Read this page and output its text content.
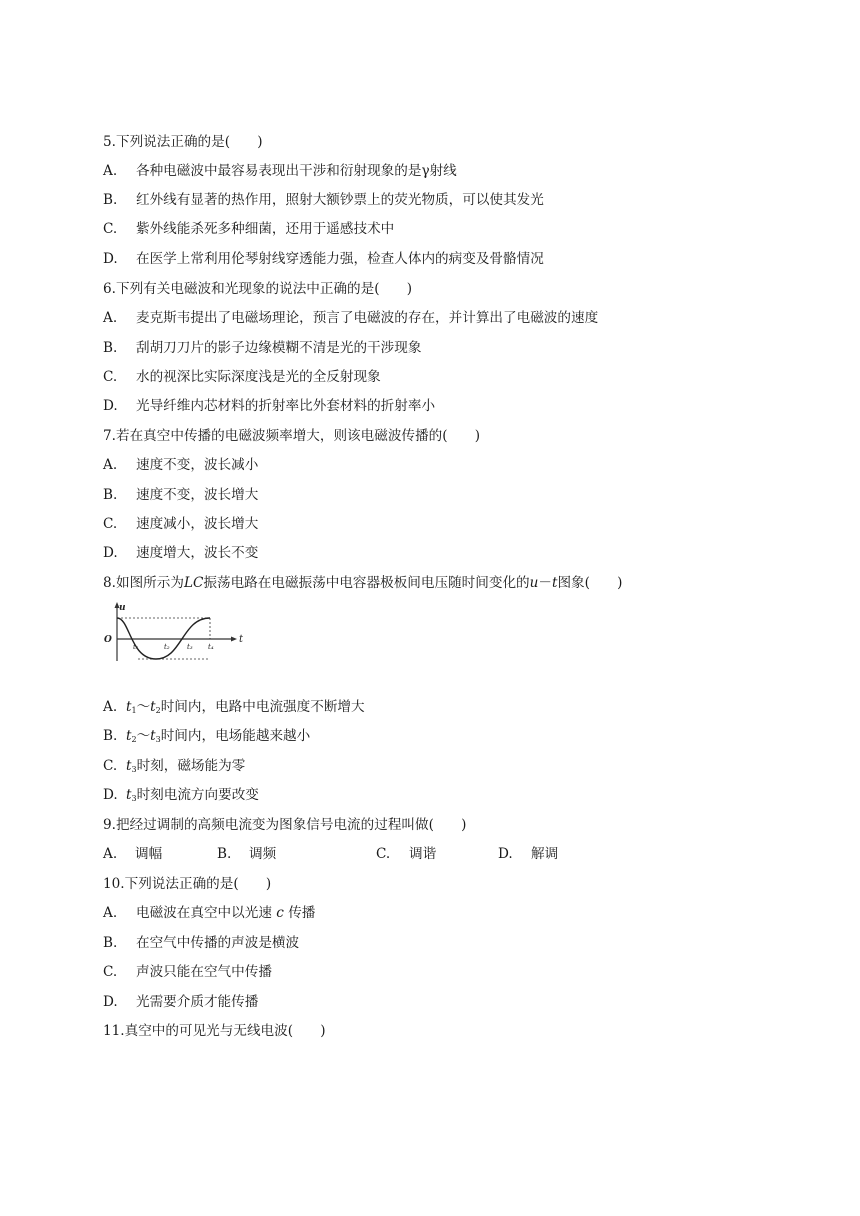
5.下列说法正确的是(　　)
A. 各种电磁波中最容易表现出干涉和衍射现象的是γ射线
B. 红外线有显著的热作用，照射大额钞票上的荧光物质，可以使其发光
C. 紫外线能杀死多种细菌，还用于遥感技术中
D. 在医学上常利用伦琴射线穿透能力强，检查人体内的病变及骨骼情况
6.下列有关电磁波和光现象的说法中正确的是(　　)
A. 麦克斯韦提出了电磁场理论，预言了电磁波的存在，并计算出了电磁波的速度
B. 刮胡刀刀片的影子边缘模糊不清是光的干涉现象
C. 水的视深比实际深度浅是光的全反射现象
D. 光导纤维内芯材料的折射率比外套材料的折射率小
7.若在真空中传播的电磁波频率增大，则该电磁波传播的(　　)
A. 速度不变，波长减小
B. 速度不变，波长增大
C. 速度减小，波长增大
D. 速度增大，波长不变
8.如图所示为LC振荡电路在电磁振荡中电容器极板间电压随时间变化的u－t图象(　　)
u
t
O
t₁	t₂ t₃ t₄
A. $t_1\sim t_2$时间内，电路中电流强度不断增大
B. $t_2\sim t_3$时间内，电场能越来越小
C. $t_3$时刻，磁场能为零
D. $t_3$时刻电流方向要改变
9.把经过调制的高频电流变为图象信号电流的过程叫做(　　)
A. 调幅	B. 调频	C. 调谐	D. 解调
10.下列说法正确的是(　　)
A. 电磁波在真空中以光速 c 传播
B. 在空气中传播的声波是横波
C. 声波只能在空气中传播
D. 光需要介质才能传播
11.真空中的可见光与无线电波(　　)
